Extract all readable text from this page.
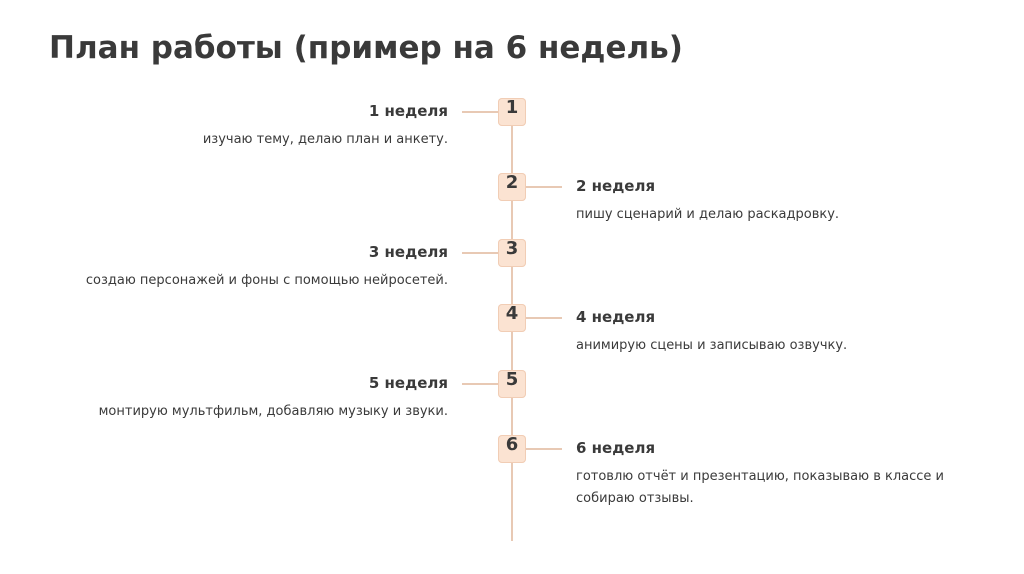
План работы (пример на 6 недель)
1
1 неделя
изучаю тему, делаю план и анкету.
2	2 неделя
пишу сценарий и делаю раскадровку.
3
3 неделя
создаю персонажей и фоны с помощью нейросетей.
4	4 неделя
анимирую сцены и записываю озвучку.
5
5 неделя
монтирую мультфильм, добавляю музыку и звуки.
6	6 неделя
готовлю отчёт и презентацию, показываю в классе и собираю отзывы.
